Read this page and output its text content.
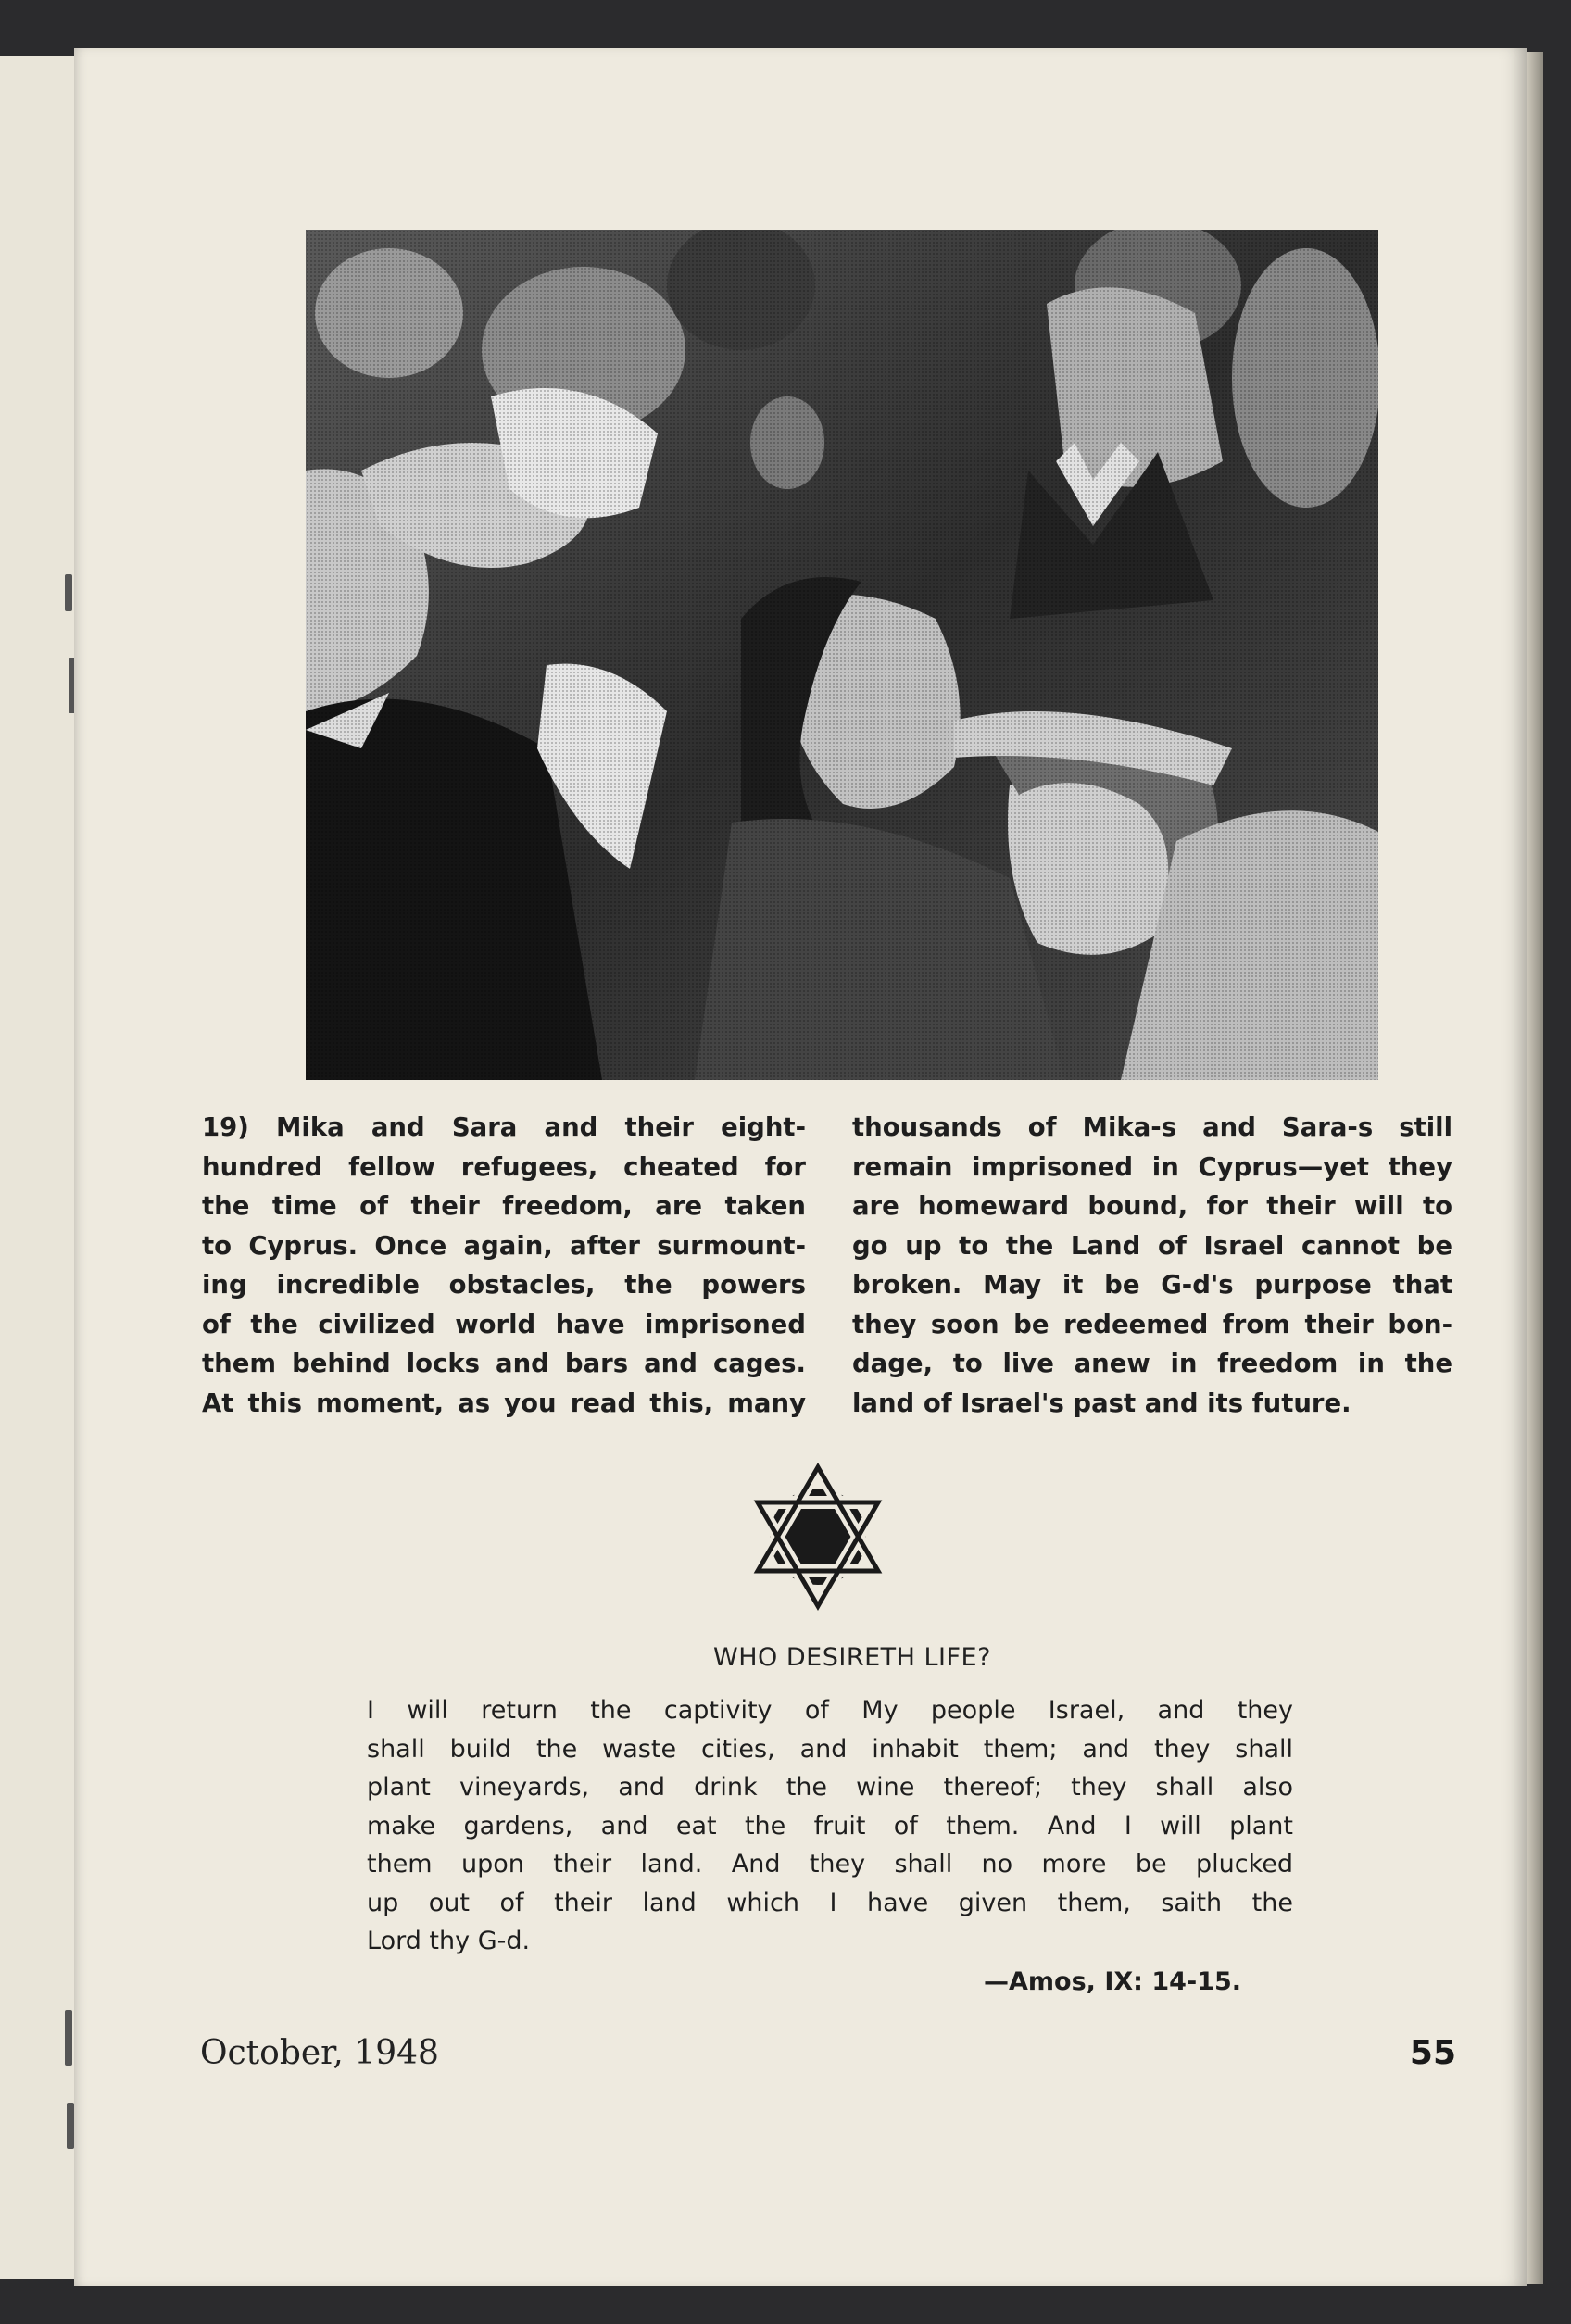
19) Mika and Sara and their eight-
hundred fellow refugees, cheated for
the time of their freedom, are taken
to Cyprus. Once again, after surmount-
ing incredible obstacles, the powers
of the civilized world have imprisoned
them behind locks and bars and cages.
At this moment, as you read this, many
thousands of Mika-s and Sara-s still
remain imprisoned in Cyprus—yet they
are homeward bound, for their will to
go up to the Land of Israel cannot be
broken. May it be G-d's purpose that
they soon be redeemed from their bon-
dage, to live anew in freedom in the
land of Israel's past and its future.
WHO DESIRETH LIFE?
I will return the captivity of My people Israel, and they
shall build the waste cities, and inhabit them; and they shall
plant vineyards, and drink the wine thereof; they shall also
make gardens, and eat the fruit of them. And I will plant
them upon their land. And they shall no more be plucked
up out of their land which I have given them, saith the
Lord thy G-d.
—Amos, IX: 14-15.
October, 1948	55
